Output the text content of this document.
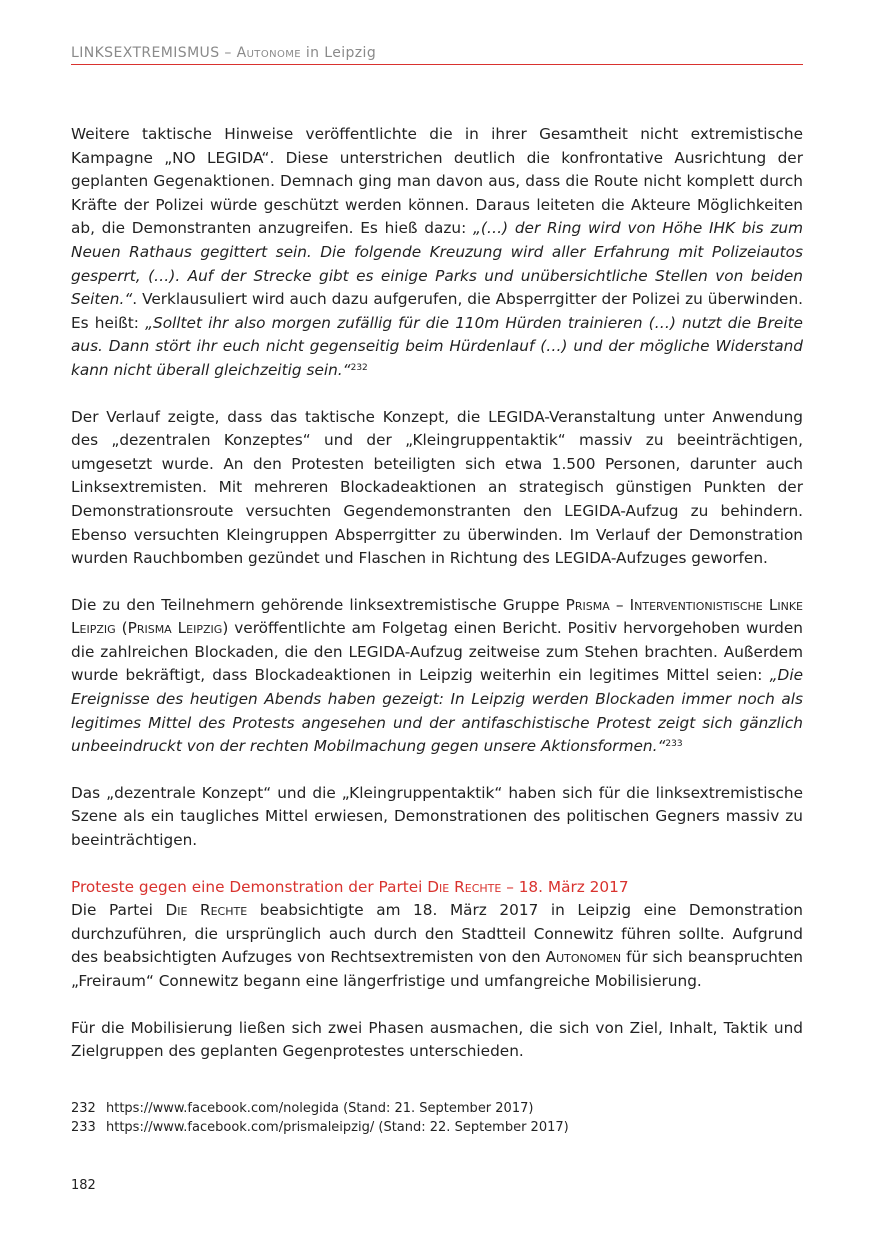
LINKSEXTREMISMUS – Autonome in Leipzig

Weitere taktische Hinweise veröffentlichte die in ihrer Gesamtheit nicht extremistische Kampagne „NO LEGIDA“. Diese unterstrichen deutlich die konfrontative Ausrichtung der geplanten Gegenaktionen. Demnach ging man davon aus, dass die Route nicht komplett durch Kräfte der Polizei würde geschützt werden können. Daraus leiteten die Akteure Möglichkeiten ab, die Demonstranten anzugreifen. Es hieß dazu: „(…) der Ring wird von Höhe IHK bis zum Neuen Rathaus gegittert sein. Die folgende Kreuzung wird aller Erfahrung mit Polizeiautos gesperrt, (…). Auf der Strecke gibt es einige Parks und unübersichtliche Stellen von beiden Seiten.“. Verklausuliert wird auch dazu aufgerufen, die Absperrgitter der Polizei zu überwinden. Es heißt: „Solltet ihr also morgen zufällig für die 110m Hürden trainieren (…) nutzt die Breite aus. Dann stört ihr euch nicht gegenseitig beim Hürdenlauf (…) und der mögliche Widerstand kann nicht überall gleichzeitig sein.“$^{232}$

Der Verlauf zeigte, dass das taktische Konzept, die LEGIDA-Veranstaltung unter Anwendung des „dezentralen Konzeptes“ und der „Kleingruppentaktik“ massiv zu beeinträchtigen, umgesetzt wurde. An den Protesten beteiligten sich etwa 1.500 Personen, darunter auch Linksextremisten. Mit mehreren Blockadeaktionen an strategisch günstigen Punkten der Demonstrationsroute versuchten Gegendemonstranten den LEGIDA-Aufzug zu behindern. Ebenso versuchten Kleingruppen Absperrgitter zu überwinden. Im Verlauf der Demonstration wurden Rauchbomben gezündet und Flaschen in Richtung des LEGIDA-Aufzuges geworfen.

Die zu den Teilnehmern gehörende linksextremistische Gruppe Prisma – Interventionistische Linke Leipzig (Prisma Leipzig) veröffentlichte am Folgetag einen Bericht. Positiv hervorgehoben wurden die zahlreichen Blockaden, die den LEGIDA-Aufzug zeitweise zum Stehen brachten. Außerdem wurde bekräftigt, dass Blockadeaktionen in Leipzig weiterhin ein legitimes Mittel seien: „Die Ereignisse des heutigen Abends haben gezeigt: In Leipzig werden Blockaden immer noch als legitimes Mittel des Protests angesehen und der antifaschistische Protest zeigt sich gänzlich unbeeindruckt von der rechten Mobilmachung gegen unsere Aktionsformen.“$^{233}$

Das „dezentrale Konzept“ und die „Kleingruppentaktik“ haben sich für die linksextremistische Szene als ein taugliches Mittel erwiesen, Demonstrationen des politischen Gegners massiv zu beeinträchtigen.

Proteste gegen eine Demonstration der Partei Die Rechte – 18. März 2017

Die Partei Die Rechte beabsichtigte am 18. März 2017 in Leipzig eine Demonstration durchzuführen, die ursprünglich auch durch den Stadtteil Connewitz führen sollte. Aufgrund des beabsichtigten Aufzuges von Rechtsextremisten von den Autonomen für sich beanspruchten „Freiraum“ Connewitz begann eine längerfristige und umfangreiche Mobilisierung.

Für die Mobilisierung ließen sich zwei Phasen ausmachen, die sich von Ziel, Inhalt, Taktik und Zielgruppen des geplanten Gegenprotestes unterschieden.

232 https://www.facebook.com/nolegida (Stand: 21. September 2017)
233 https://www.facebook.com/prismaleipzig/ (Stand: 22. September 2017)
182
